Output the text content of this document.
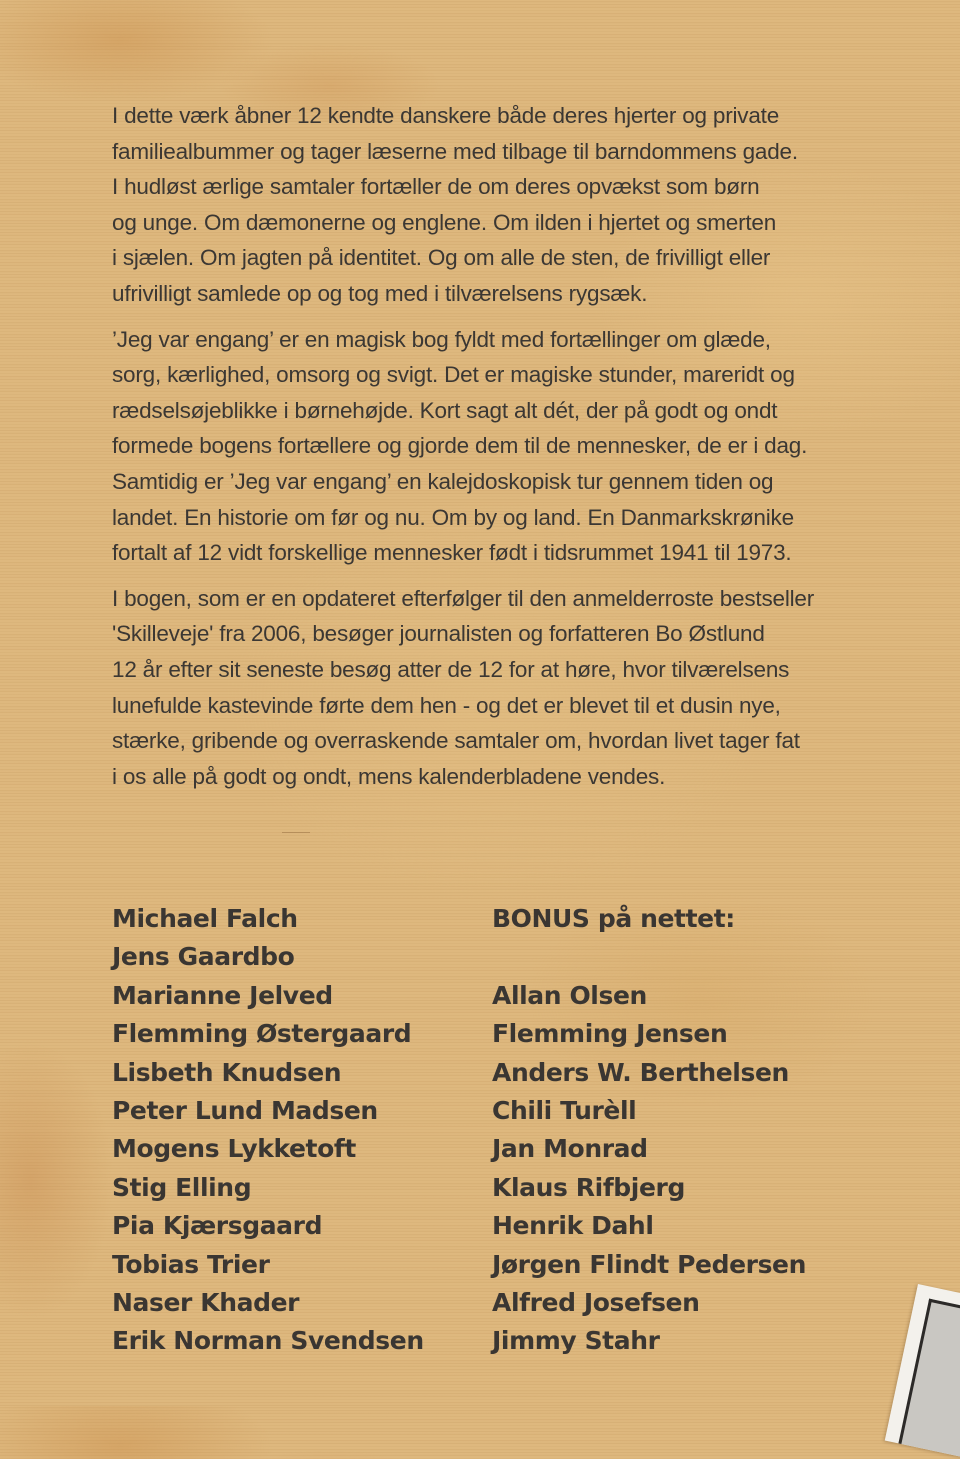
I dette værk åbner 12 kendte danskere både deres hjerter og private
familiealbummer og tager læserne med tilbage til barndommens gade.
I hudløst ærlige samtaler fortæller de om deres opvækst som børn
og unge. Om dæmonerne og englene. Om ilden i hjertet og smerten
i sjælen. Om jagten på identitet. Og om alle de sten, de frivilligt eller
ufrivilligt samlede op og tog med i tilværelsens rygsæk.

’Jeg var engang’ er en magisk bog fyldt med fortællinger om glæde,
sorg, kærlighed, omsorg og svigt. Det er magiske stunder, mareridt og
rædselsøjeblikke i børnehøjde. Kort sagt alt dét, der på godt og ondt
formede bogens fortællere og gjorde dem til de mennesker, de er i dag.
Samtidig er ’Jeg var engang’ en kalejdoskopisk tur gennem tiden og
landet. En historie om før og nu. Om by og land. En Danmarkskrønike
fortalt af 12 vidt forskellige mennesker født i tidsrummet 1941 til 1973.

I bogen, som er en opdateret efterfølger til den anmelderroste bestseller
'Skilleveje' fra 2006, besøger journalisten og forfatteren Bo Østlund
12 år efter sit seneste besøg atter de 12 for at høre, hvor tilværelsens
lunefulde kastevinde førte dem hen - og det er blevet til et dusin nye,
stærke, gribende og overraskende samtaler om, hvordan livet tager fat
i os alle på godt og ondt, mens kalenderbladene vendes.

Michael Falch
Jens Gaardbo
Marianne Jelved
Flemming Østergaard
Lisbeth Knudsen
Peter Lund Madsen
Mogens Lykketoft
Stig Elling
Pia Kjærsgaard
Tobias Trier
Naser Khader
Erik Norman Svendsen
BONUS på nettet:
Allan Olsen
Flemming Jensen
Anders W. Berthelsen
Chili Turèll
Jan Monrad
Klaus Rifbjerg
Henrik Dahl
Jørgen Flindt Pedersen
Alfred Josefsen
Jimmy Stahr
